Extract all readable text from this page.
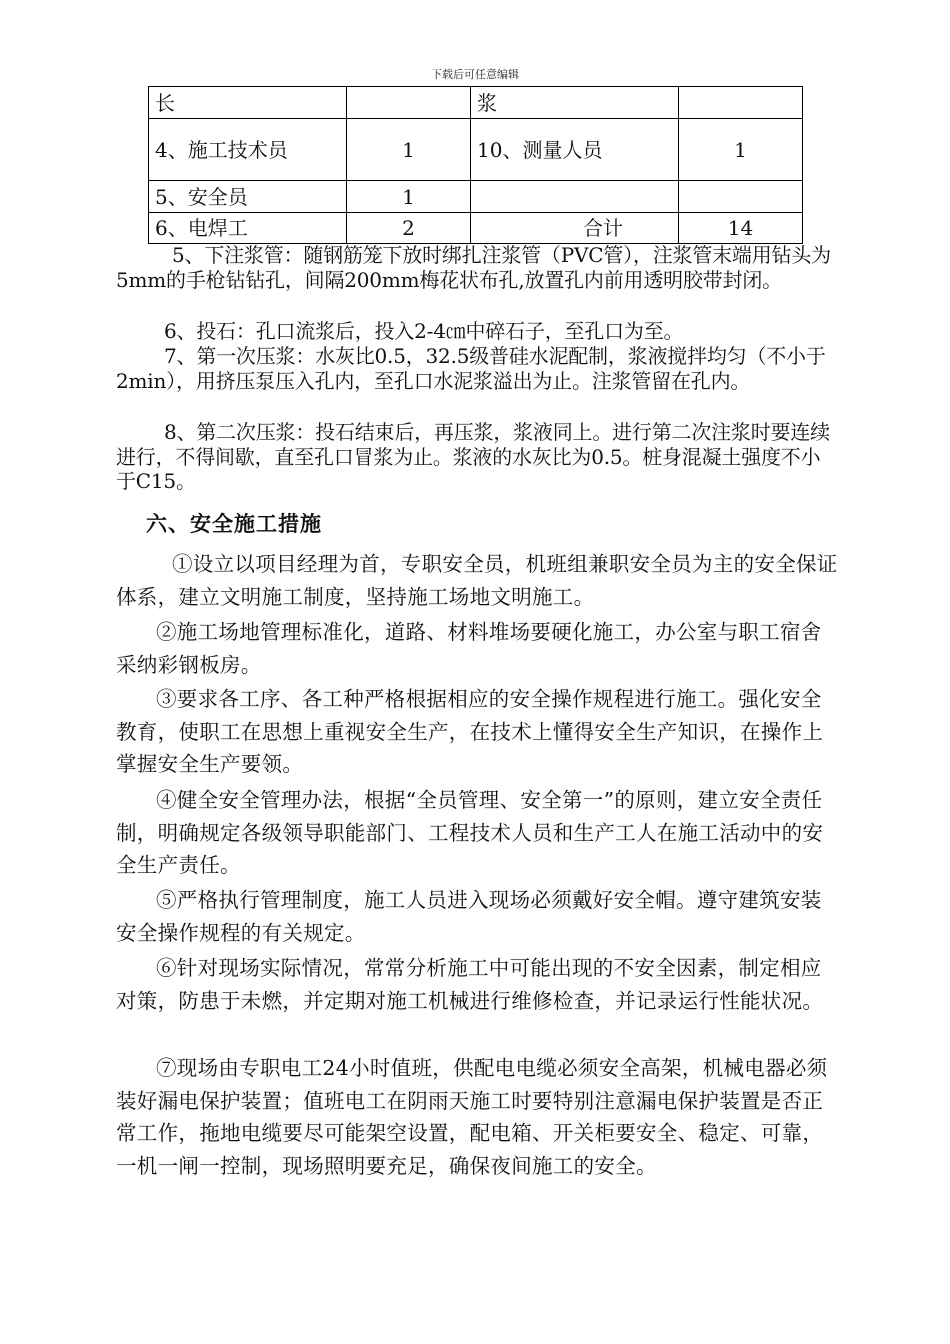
下载后可任意编辑
长		浆	
4、施工技术员	1	10、测量人员	1
5、安全员	1		
6、电焊工	2	合计	14

5、下注浆管：随钢筋笼下放时绑扎注浆管（PVC管），注浆管末端用钻头为5mm的手枪钻钻孔，间隔200mm梅花状布孔,放置孔内前用透明胶带封闭。

6、投石：孔口流浆后，投入2-4㎝中碎石子，至孔口为至。

7、第一次压浆：水灰比0.5，32.5级普硅水泥配制，浆液搅拌均匀（不小于2min），用挤压泵压入孔内，至孔口水泥浆溢出为止。注浆管留在孔内。

8、第二次压浆：投石结束后，再压浆，浆液同上。进行第二次注浆时要连续进行，不得间歇，直至孔口冒浆为止。浆液的水灰比为0.5。桩身混凝土强度不小于C15。

六、安全施工措施

①设立以项目经理为首，专职安全员，机班组兼职安全员为主的安全保证体系，建立文明施工制度，坚持施工场地文明施工。

②施工场地管理标准化，道路、材料堆场要硬化施工，办公室与职工宿舍采纳彩钢板房。

③要求各工序、各工种严格根据相应的安全操作规程进行施工。强化安全教育，使职工在思想上重视安全生产，在技术上懂得安全生产知识，在操作上掌握安全生产要领。

④健全安全管理办法，根据“全员管理、安全第一”的原则，建立安全责任制，明确规定各级领导职能部门、工程技术人员和生产工人在施工活动中的安全生产责任。

⑤严格执行管理制度，施工人员进入现场必须戴好安全帽。遵守建筑安装安全操作规程的有关规定。

⑥针对现场实际情况，常常分析施工中可能出现的不安全因素，制定相应对策，防患于未燃，并定期对施工机械进行维修检查，并记录运行性能状况。

⑦现场由专职电工24小时值班，供配电电缆必须安全高架，机械电器必须装好漏电保护装置；值班电工在阴雨天施工时要特别注意漏电保护装置是否正常工作，拖地电缆要尽可能架空设置，配电箱、开关柜要安全、稳定、可靠，一机一闸一控制，现场照明要充足，确保夜间施工的安全。
